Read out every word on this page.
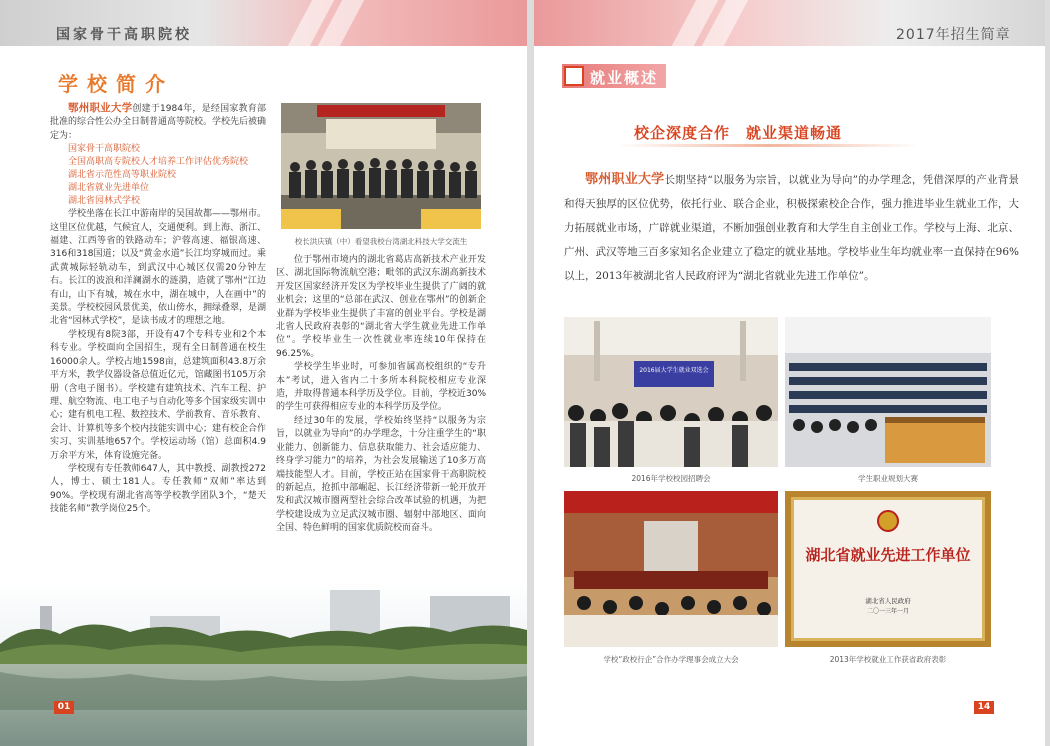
国家骨干高职院校
学校简介

鄂州职业大学创建于1984年，是经国家教育部批准的综合性公办全日制普通高等院校。学校先后被确定为：

国家骨干高职院校
全国高职高专院校人才培养工作评估优秀院校
湖北省示范性高等职业院校
湖北省就业先进单位
湖北省园林式学校

学校坐落在长江中游南岸的吴国故都——鄂州市。这里区位优越，气候宜人，交通便利。到上海、浙江、福建、江西等省的铁路动车；沪蓉高速、福银高速、316和318国道；以及“黄金水道”长江均穿城而过。乘武黄城际轻轨动车，到武汉中心城区仅需20分钟左右。长江的波浪和洋澜湖水的涟漪，造就了鄂州“江边有山，山下有城，城在水中，湖在城中，人在画中”的美景。学校校园风景优美，依山傍水，拥绿叠翠，是湖北省“园林式学校”，是读书成才的理想之地。

学校现有8院3部，开设有47个专科专业和2个本科专业。学校面向全国招生，现有全日制普通在校生16000余人。学校占地1598亩，总建筑面积43.8万余平方米，教学仪器设备总值近亿元，馆藏图书105万余册（含电子图书）。学校建有建筑技术、汽车工程、护理、航空物流、电工电子与自动化等多个国家级实训中心；建有机电工程、数控技术、学前教育、音乐教育、会计、计算机等多个校内技能实训中心；建有校企合作实习、实训基地657个。学校运动场（馆）总面积4.9万余平方米，体育设施完备。

学校现有专任教师647人，其中教授、副教授272人，博士、硕士181人。专任教师“双师”率达到90%。学校现有湖北省高等学校教学团队3个，“楚天技能名师”教学岗位25个。

校长洪庆镇（中）看望我校台湾湖北科技大学交流生

位于鄂州市境内的湖北省葛店高新技术产业开发区、湖北国际物流航空港；毗邻的武汉东湖高新技术开发区国家经济开发区为学校毕业生提供了广阔的就业机会；这里的“总部在武汉、创业在鄂州”的创新企业群为学校毕业生提供了丰富的创业平台。学校是湖北省人民政府表彰的“湖北省大学生就业先进工作单位”。学校毕业生一次性就业率连续10年保持在96.25%。

学校学生毕业时，可参加省属高校组织的“专升本”考试，进入省内二十多所本科院校相应专业深造，并取得普通本科学历及学位。目前，学校近30%的学生可获得相应专业的本科学历及学位。

经过30年的发展，学校始终坚持“以服务为宗旨，以就业为导向”的办学理念，十分注重学生的“职业能力、创新能力、信息获取能力、社会适应能力、终身学习能力”的培养，为社会发展输送了10多万高端技能型人才。目前，学校正站在国家骨干高职院校的新起点，抢抓中部崛起、长江经济带新一轮开放开发和武汉城市圈两型社会综合改革试验的机遇，为把学校建设成为立足武汉城市圈、辐射中部地区、面向全国、特色鲜明的国家优质院校而奋斗。

01
2017年招生简章
就业概述
校企深度合作　就业渠道畅通
鄂州职业大学长期坚持“以服务为宗旨，以就业为导向”的办学理念，凭借深厚的产业背景和得天独厚的区位优势，依托行业、联合企业，积极探索校企合作，强力推进毕业生就业工作，大力拓展就业市场，广辟就业渠道，不断加强创业教育和大学生自主创业工作。学校与上海、北京、广州、武汉等地三百多家知名企业建立了稳定的就业基地。学校毕业生年均就业率一直保持在96%以上，2013年被湖北省人民政府评为“湖北省就业先进工作单位”。
2016届大学生就业双选会
2016年学校校园招聘会	学生职业规划大赛
学校“政校行企”合作办学理事会成立大会
湖北省就业先进工作单位
湖北省人民政府
二〇一三年一月
2013年学校就业工作获省政府表彰
14
